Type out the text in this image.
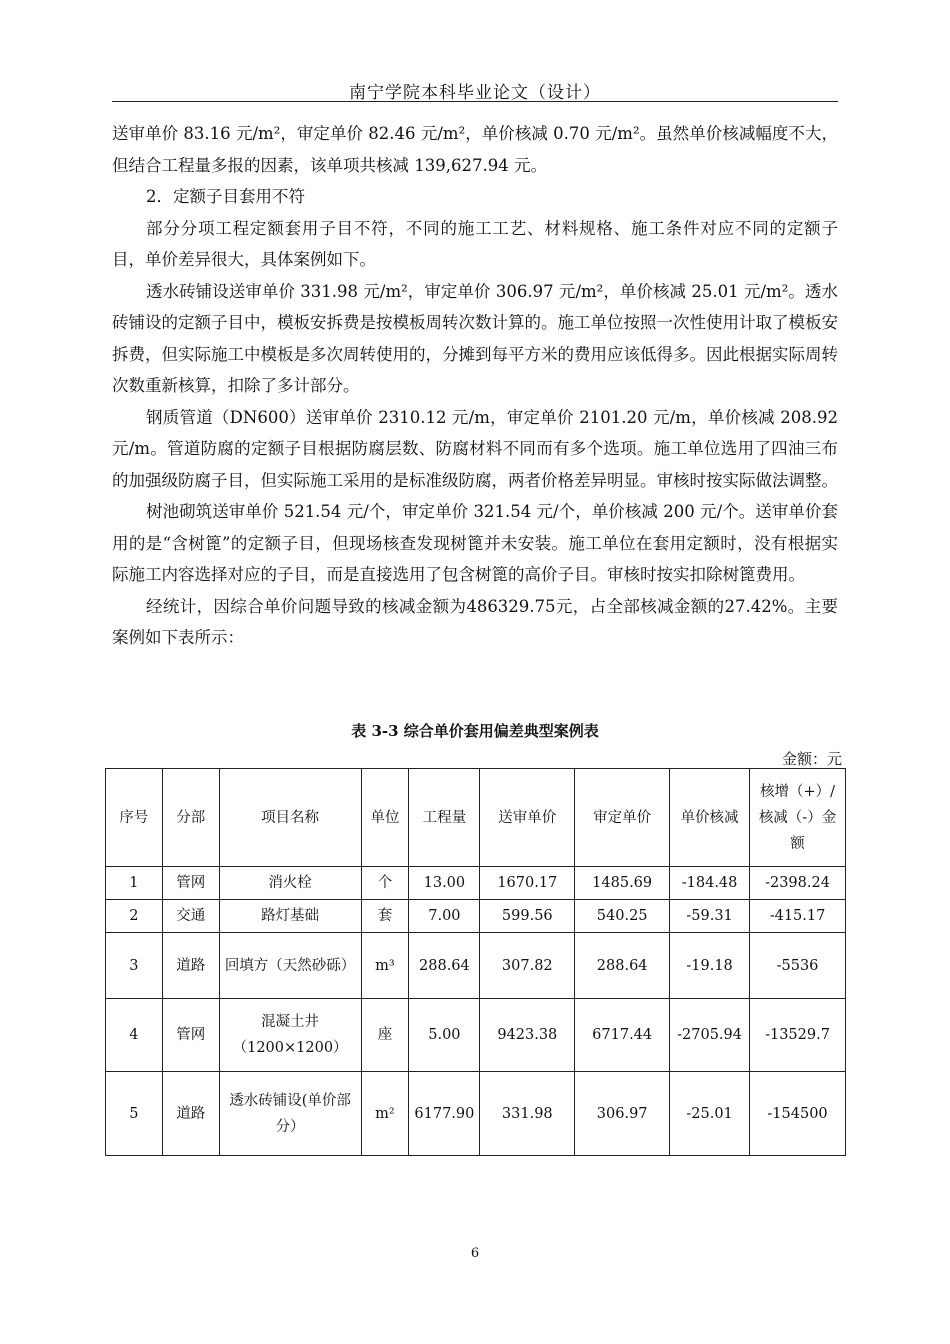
南宁学院本科毕业论文（设计）

送审单价 83.16 元/m²，审定单价 82.46 元/m²，单价核减 0.70 元/m²。虽然单价核减幅度不大，但结合工程量多报的因素，该单项共核减 139,627.94 元。

2．定额子目套用不符

部分分项工程定额套用子目不符，不同的施工工艺、材料规格、施工条件对应不同的定额子目，单价差异很大，具体案例如下。

透水砖铺设送审单价 331.98 元/m²，审定单价 306.97 元/m²，单价核减 25.01 元/m²。透水砖铺设的定额子目中，模板安拆费是按模板周转次数计算的。施工单位按照一次性使用计取了模板安拆费，但实际施工中模板是多次周转使用的，分摊到每平方米的费用应该低得多。因此根据实际周转次数重新核算，扣除了多计部分。

钢质管道（DN600）送审单价 2310.12 元/m，审定单价 2101.20 元/m，单价核减 208.92 元/m。管道防腐的定额子目根据防腐层数、防腐材料不同而有多个选项。施工单位选用了四油三布的加强级防腐子目，但实际施工采用的是标准级防腐，两者价格差异明显。审核时按实际做法调整。

树池砌筑送审单价 521.54 元/个，审定单价 321.54 元/个，单价核减 200 元/个。送审单价套用的是“含树篦”的定额子目，但现场核查发现树篦并未安装。施工单位在套用定额时，没有根据实际施工内容选择对应的子目，而是直接选用了包含树篦的高价子目。审核时按实扣除树篦费用。

经统计，因综合单价问题导致的核减金额为486329.75元，占全部核减金额的27.42%。主要案例如下表所示：

表 3-3 综合单价套用偏差典型案例表
金额：元
序号	分部	项目名称	单位	工程量	送审单价	审定单价	单价核减	核增（+）/核减（-）金额
1	管网	消火栓	个	13.00	1670.17	1485.69	-184.48	-2398.24
2	交通	路灯基础	套	7.00	599.56	540.25	-59.31	-415.17
3	道路	回填方（天然砂砾）	m³	288.64	307.82	288.64	-19.18	-5536
4	管网	混凝土井（1200×1200）	座	5.00	9423.38	6717.44	-2705.94	-13529.7
5	道路	透水砖铺设(单价部分）	m²	6177.90	331.98	306.97	-25.01	-154500
6
